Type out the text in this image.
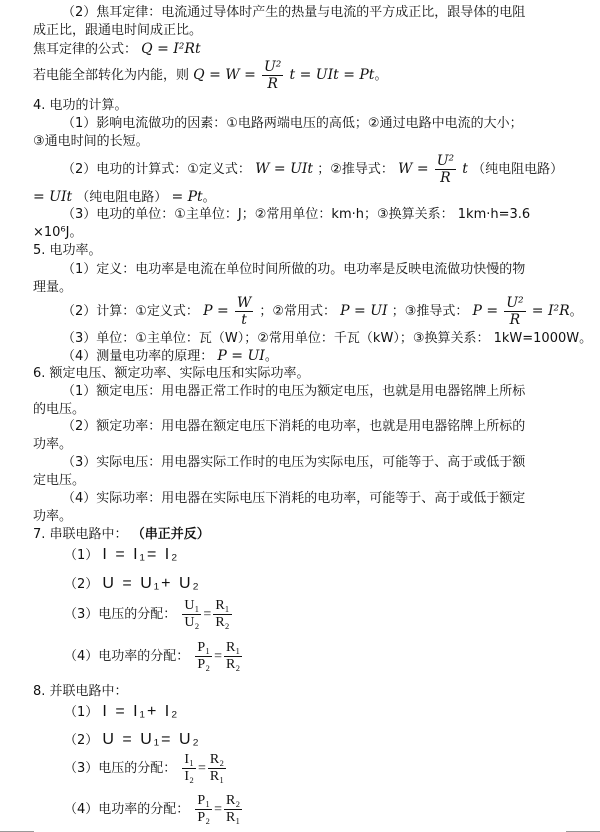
（2）焦耳定律：电流通过导体时产生的热量与电流的平方成正比，跟导体的电阻
成正比，跟通电时间成正比。
焦耳定律的公式： Q = I²Rt
若电能全部转化为内能，则 $Q = W = \frac{\text{U²}}{R}$ t = UIt = Pt。
4. 电功的计算。
（1）影响电流做功的因素：①电路两端电压的高低；②通过电路中电流的大小；
③通电时间的长短。
（2）电功的计算式：①定义式： W = UIt ；②推导式： $W = \frac{\text{U²}}{R}$ t （纯电阻电路）
= UIt （纯电阻电路） = Pt。
（3）电功的单位：①主单位：J；②常用单位：km·h；③换算关系： 1km·h=3.6
×10⁶J。
5. 电功率。
（1）定义：电功率是电流在单位时间所做的功。电功率是反映电流做功快慢的物
理量。
（2）计算：①定义式： $P = \frac{W}{t}$ ；②常用式： P = UI ；③推导式： $P = \frac{\text{U²}}{R} = I^2R$。
（3）单位：①主单位：瓦（W）；②常用单位：千瓦（kW）；③换算关系： 1kW=1000W。
（4）测量电功率的原理： P = UI。
6. 额定电压、额定功率、实际电压和实际功率。
（1）额定电压：用电器正常工作时的电压为额定电压，也就是用电器铭牌上所标
的电压。
（2）额定功率：用电器在额定电压下消耗的电功率，也就是用电器铭牌上所标的
功率。
（3）实际电压：用电器实际工作时的电压为实际电压，可能等于、高于或低于额
定电压。
（4）实际功率：用电器在实际电压下消耗的电功率，可能等于、高于或低于额定
功率。
7. 串联电路中： （串正并反）
（1） I = I₁= I₂
（2） U = U₁+ U₂
（3）电压的分配： $\frac{\text{U₁}}{\text{U₂}} = \frac{\text{R₁}}{\text{R₂}}$
（4）电功率的分配： $\frac{\text{P₁}}{\text{P₂}} = \frac{\text{R₁}}{\text{R₂}}$
8. 并联电路中：
（1） I = I₁+ I₂
（2） U = U₁= U₂
（3）电压的分配： $\frac{\text{I₁}}{\text{I₂}} = \frac{\text{R₂}}{\text{R₁}}$
（4）电功率的分配： $\frac{\text{P₁}}{\text{P₂}} = \frac{\text{R₂}}{\text{R₁}}$
